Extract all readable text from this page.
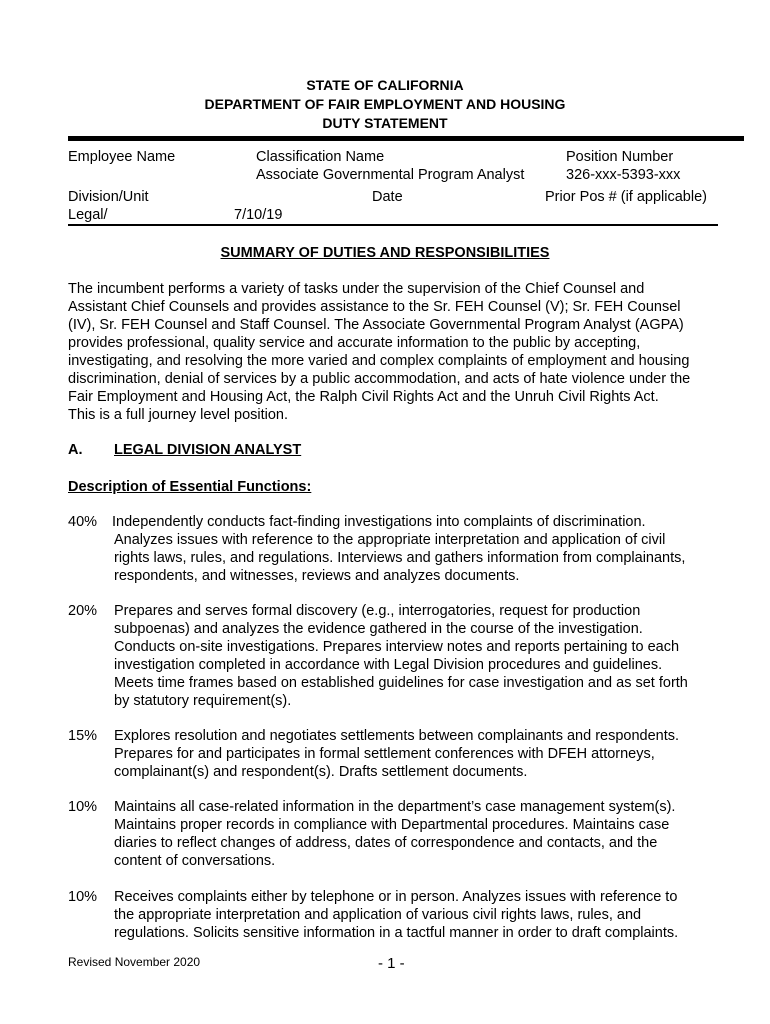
STATE OF CALIFORNIA
DEPARTMENT OF FAIR EMPLOYMENT AND HOUSING
DUTY STATEMENT
Employee Name	Classification Name
Associate Governmental Program Analyst
Position Number
326-xxx-5393-xxx
Division/Unit
Legal/
Date
7/10/19
Prior Pos # (if applicable)
SUMMARY OF DUTIES AND RESPONSIBILITIES
The incumbent performs a variety of tasks under the supervision of the Chief Counsel and
Assistant Chief Counsels and provides assistance to the Sr. FEH Counsel (V); Sr. FEH Counsel
(IV), Sr. FEH Counsel and Staff Counsel. The Associate Governmental Program Analyst (AGPA)
provides professional, quality service and accurate information to the public by accepting,
investigating, and resolving the more varied and complex complaints of employment and housing
discrimination, denial of services by a public accommodation, and acts of hate violence under the
Fair Employment and Housing Act, the Ralph Civil Rights Act and the Unruh Civil Rights Act.
This is a full journey level position.
A. LEGAL DIVISION ANALYST
Description of Essential Functions:
40% Independently conducts fact-finding investigations into complaints of discrimination.
Analyzes issues with reference to the appropriate interpretation and application of civil
rights laws, rules, and regulations. Interviews and gathers information from complainants,
respondents, and witnesses, reviews and analyzes documents.
20% Prepares and serves formal discovery (e.g., interrogatories, request for production
subpoenas) and analyzes the evidence gathered in the course of the investigation.
Conducts on-site investigations. Prepares interview notes and reports pertaining to each
investigation completed in accordance with Legal Division procedures and guidelines.
Meets time frames based on established guidelines for case investigation and as set forth
by statutory requirement(s).
15% Explores resolution and negotiates settlements between complainants and respondents.
Prepares for and participates in formal settlement conferences with DFEH attorneys,
complainant(s) and respondent(s). Drafts settlement documents.
10% Maintains all case-related information in the department’s case management system(s).
Maintains proper records in compliance with Departmental procedures. Maintains case
diaries to reflect changes of address, dates of correspondence and contacts, and the
content of conversations.
10% Receives complaints either by telephone or in person. Analyzes issues with reference to
the appropriate interpretation and application of various civil rights laws, rules, and
regulations. Solicits sensitive information in a tactful manner in order to draft complaints.
Revised November 2020	- 1 -
